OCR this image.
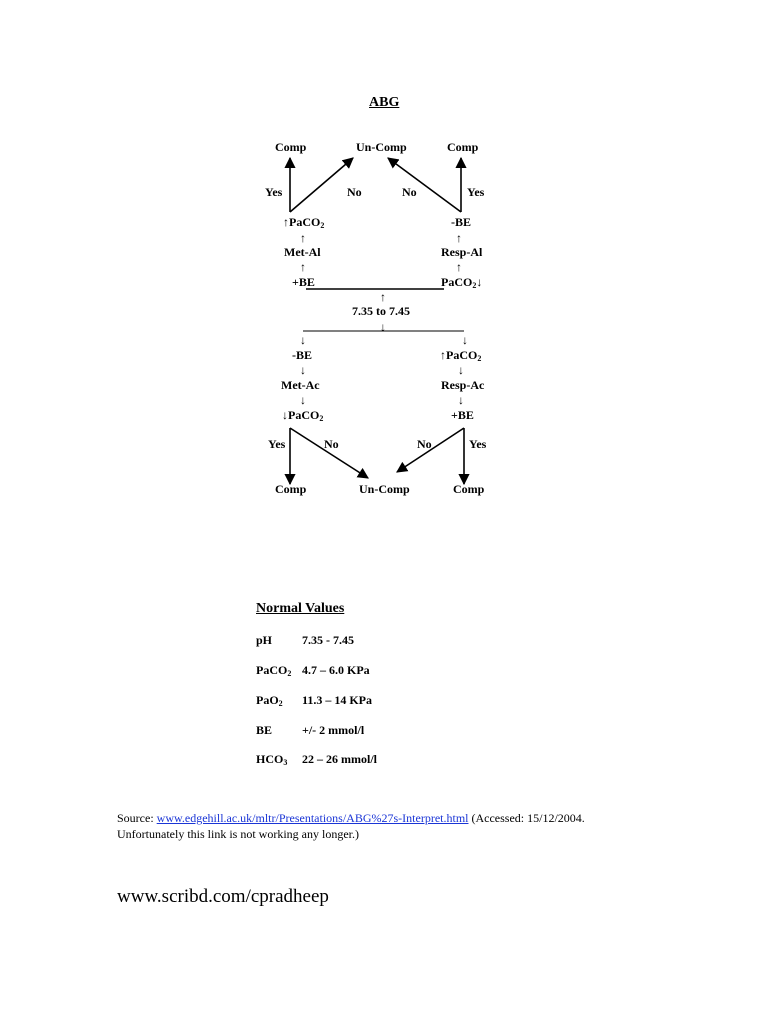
ABG
Comp	Un-Comp	Comp
Yes	No	No	Yes
↑PaCO$_2$
↑
Met-Al
↑
+BE
-BE
↑
Resp-Al
↑
PaCO$_2$↓
↑
7.35 to 7.45
↓
↓
-BE
↓
Met-Ac
↓
↓PaCO$_2$
↓
↑PaCO$_2$
↓
Resp-Ac
↓
+BE
Yes	No	No	Yes
Comp	Un-Comp	Comp
Normal Values
pH 7.35 - 7.45
PaCO$_2$ 4.7 – 6.0 KPa
PaO$_2$ 11.3 – 14 KPa
BE +/- 2 mmol/l
$HCO_3$ 22 – 26 mmol/l
Source: www.edgehill.ac.uk/mltr/Presentations/ABG%27s-Interpret.html (Accessed: 15/12/2004.
Unfortunately this link is not working any longer.)
www.scribd.com/cpradheep
